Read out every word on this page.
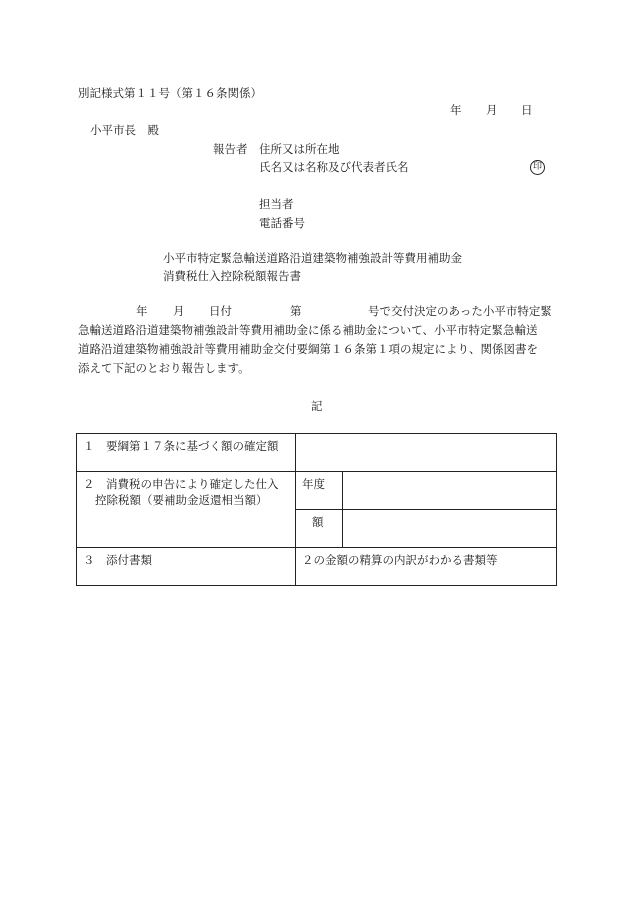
別記様式第１１号（第１６条関係）
年 月 日
小平市長　殿
報告者 住所又は所在地
氏名又は名称及び代表者氏名	印
担当者
電話番号
小平市特定緊急輸送道路沿道建築物補強設計等費用補助金
消費税仕入控除税額報告書
年 月 日付	第	号で交付決定のあった小平市特定緊
急輸送道路沿道建築物補強設計等費用補助金に係る補助金について、小平市特定緊急輸送
道路沿道建築物補強設計等費用補助金交付要綱第１６条第１項の規定により、関係図書を
添えて下記のとおり報告します。
記
１　要綱第１７条に基づく額の確定額		

２　消費税の申告により確定した仕入
控除税額（要補助金返還相当額）	年度	
	額	
３　添付書類	２の金額の精算の内訳がわかる書類等	
